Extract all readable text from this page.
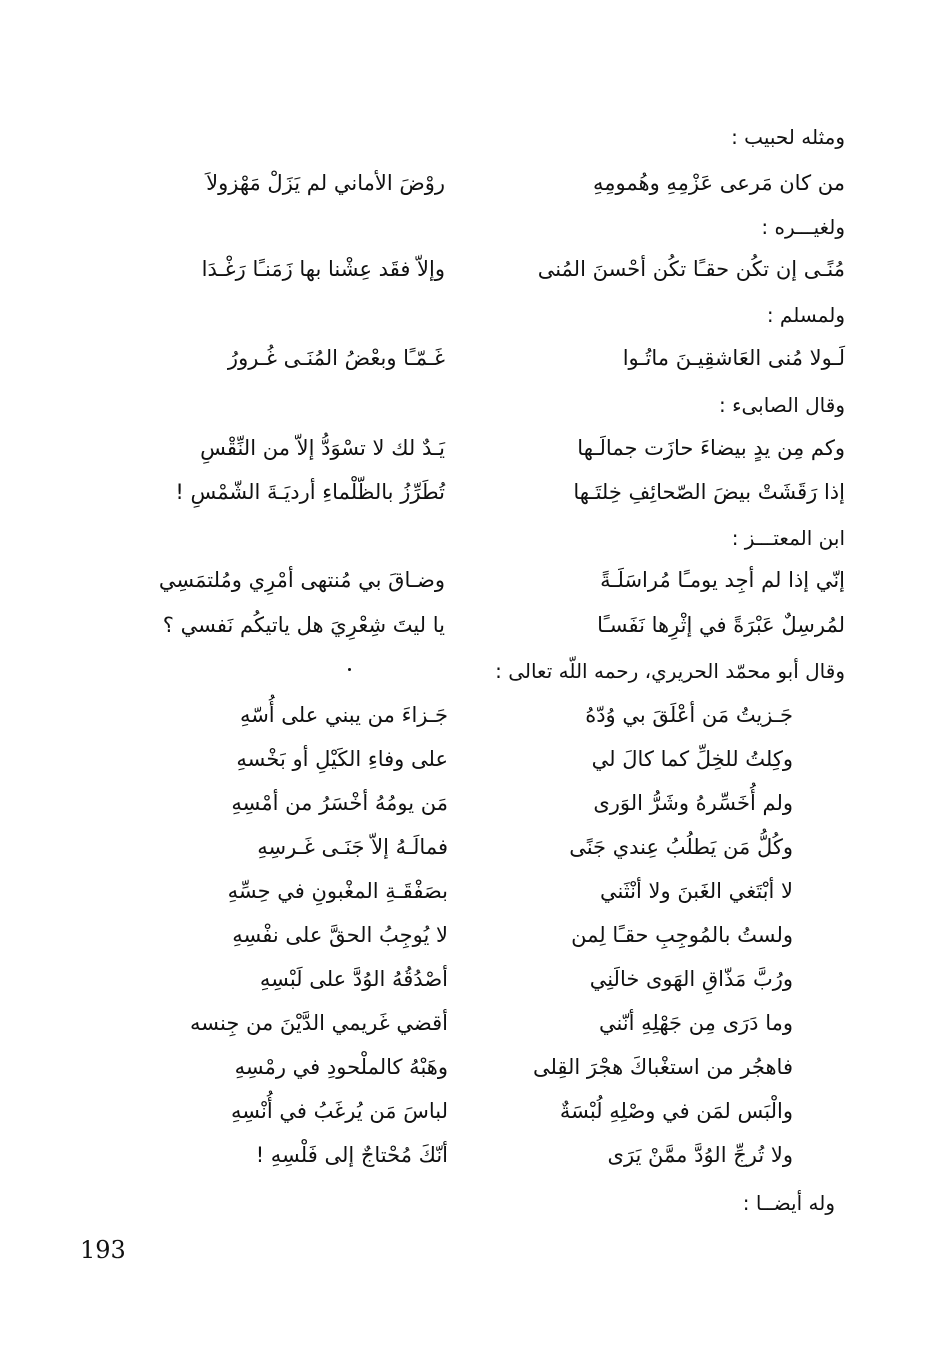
ومثله لحبيب :
من كان مَرعى عَزْمِهِ وهُمومِهِ
روْضَ الأماني لم يَزَلْ مَهْزولاَ
ولغيـــره :
مُنًـى إن تكُن حقـًا تكُن أحْسنَ المُنى
وإلاّ فقَد عِشْنا بها زَمَنـًا رَغْـدَا
ولمسلم :
لَـولا مُنى العَاشقِيـنَ ماتُـوا
غَـمّـًا وبعْضُ المُنَـى غُـرورُ
وقال الصابىء :
وكم مِن يدٍ بيضاءَ حازَت جمالَـها
يَـدٌ لك لا تسْوَدُّ إلاّ من النِّقْسِ
إذا رَقَشَتْ بيضَ الصّحائِفِ خِلتَـها
تُطَرِّزُ بالظّلْماءِ أرديَـةَ الشّمْسِ !
ابن المعتـــز :
إنّي إذا لم أجِد يومـًا مُراسَلَـةً
وضـاقَ بي مُنتهى أمْرِي ومُلتمَسِي
لمُرسِلٌ عَبْرَةً في إثْرِها نَفَسـًا
يا ليتَ شِعْرِيَ هل ياتيكُم نَفسي ؟
وقال أبو محمّد الحريري، رحمه اللّه تعالى :
جَـزيتُ مَن أعْلَقَ بي وُدّهُ
جَـزاءَ من يبني على أُسّهِ
وكِلتُ للخِلِّ كما كالَ لي
على وفاءِ الكَيْلِ أو بَخْسهِ
ولم أُخَسِّرهُ وشَرُّ الوَرى
مَن يومُهُ أخْسَرُ من أمْسِهِ
وكُلُّ مَن يَطلُبُ عِندي جَنًى
فمالَـهُ إلاّ جَنَـى غَـرسِهِ
لا أبْتَغي الغَبنَ ولا أنْثَني
بصَفْقَـةِ المغْبونِ في حِسِّهِ
ولستُ بالمُوجِبِ حقـًا لِمن
لا يُوجِبُ الحقَّ على نفْسِهِ
ورُبَّ مَذّاقِ الهَوى خالَنِي
أصْدُقُهُ الوُدَّ على لَبْسِهِ
وما دَرَى مِن جَهْلِهِ أنّني
أقضي غَريمي الدَّيْنَ من جِنسه
فاهجُر من استغْباكَ هجْرَ القِلى
وهَبْهُ كالملْحودِ في رمْسِهِ
والْبَس لمَن في وصْلِهِ لُبْسَةٌ
لباسَ مَن يُرغَبُ في أُنْسِهِ
ولا تُرجِّ الوُدَّ ممَّنْ يَرَى
أنّكَ مُحْتاجٌ إلى فَلْسِهِ !
وله أيضــا :
193
